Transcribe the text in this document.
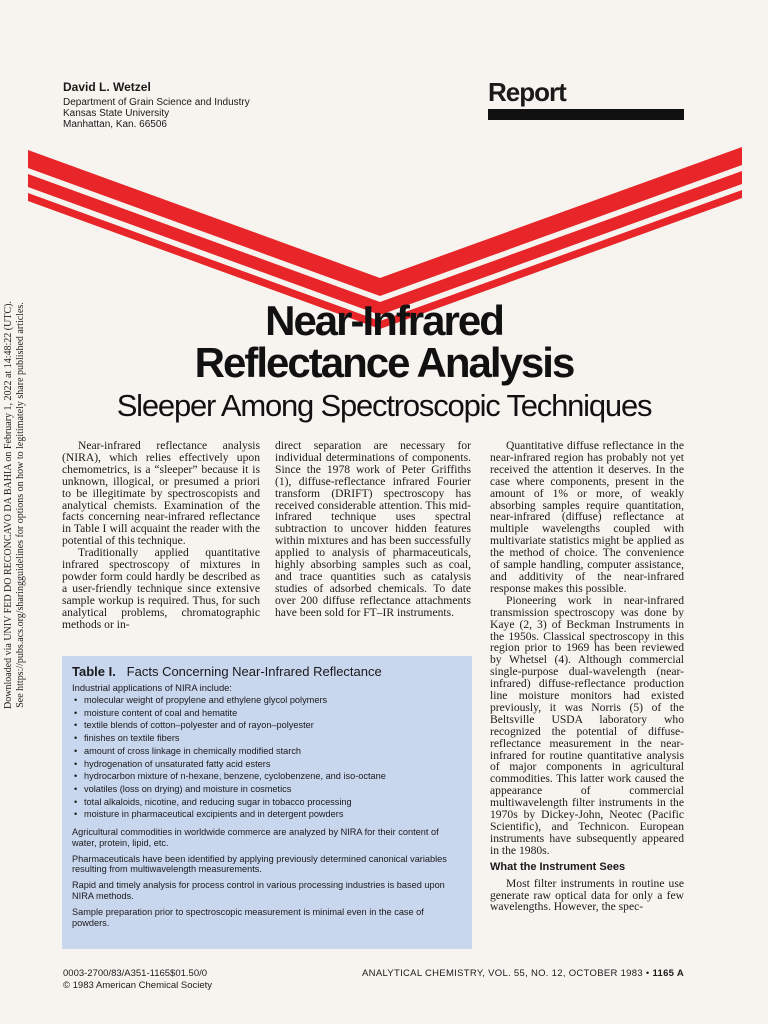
Downloaded via UNIV FED DO RECONCAVO DA BAHIA on February 1, 2022 at 14:48:22 (UTC). See https://pubs.acs.org/sharingguidelines for options on how to legitimately share published articles.
David L. Wetzel
Department of Grain Science and Industry
Kansas State University
Manhattan, Kan. 66506
Report
Near-Infrared
Reflectance Analysis
Sleeper Among Spectroscopic Techniques

Near-infrared reflectance analysis (NIRA), which relies effectively upon chemometrics, is a “sleeper” because it is unknown, illogical, or presumed a priori to be illegitimate by spectroscopists and analytical chemists. Examination of the facts concerning near-infrared reflectance in Table I will acquaint the reader with the potential of this technique.

Traditionally applied quantitative infrared spectroscopy of mixtures in powder form could hardly be described as a user-friendly technique since extensive sample workup is required. Thus, for such analytical problems, chromatographic methods or in-

direct separation are necessary for individual determinations of components. Since the 1978 work of Peter Griffiths (1), diffuse-reflectance infrared Fourier transform (DRIFT) spectroscopy has received considerable attention. This mid-infrared technique uses spectral subtraction to uncover hidden features within mixtures and has been successfully applied to analysis of pharmaceuticals, highly absorbing samples such as coal, and trace quantities such as catalysis studies of adsorbed chemicals. To date over 200 diffuse reflectance attachments have been sold for FT–IR instruments.

Quantitative diffuse reflectance in the near-infrared region has probably not yet received the attention it deserves. In the case where components, present in the amount of 1% or more, of weakly absorbing samples require quantitation, near-infrared (diffuse) reflectance at multiple wavelengths coupled with multivariate statistics might be applied as the method of choice. The convenience of sample handling, computer assistance, and additivity of the near-infrared response makes this possible.

Pioneering work in near-infrared transmission spectroscopy was done by Kaye (2, 3) of Beckman Instruments in the 1950s. Classical spectroscopy in this region prior to 1969 has been reviewed by Whetsel (4). Although commercial single-purpose dual-wavelength (near-infrared) diffuse-reflectance production line moisture monitors had existed previously, it was Norris (5) of the Beltsville USDA laboratory who recognized the potential of diffuse-reflectance measurement in the near-infrared for routine quantitative analysis of major components in agricultural commodities. This latter work caused the appearance of commercial multiwavelength filter instruments in the 1970s by Dickey-John, Neotec (Pacific Scientific), and Technicon. European instruments have subsequently appeared in the 1980s.

What the Instrument Sees

Most filter instruments in routine use generate raw optical data for only a few wavelengths. However, the spec-

Table I. Facts Concerning Near-Infrared Reflectance
Industrial applications of NIRA include:
• molecular weight of propylene and ethylene glycol polymers
• moisture content of coal and hematite
• textile blends of cotton–polyester and of rayon–polyester
• finishes on textile fibers
• amount of cross linkage in chemically modified starch
• hydrogenation of unsaturated fatty acid esters
• hydrocarbon mixture of n-hexane, benzene, cyclobenzene, and iso-octane
• volatiles (loss on drying) and moisture in cosmetics
• total alkaloids, nicotine, and reducing sugar in tobacco processing
• moisture in pharmaceutical excipients and in detergent powders
Agricultural commodities in worldwide commerce are analyzed by NIRA for their content of water, protein, lipid, etc.
Pharmaceuticals have been identified by applying previously determined canonical variables resulting from multiwavelength measurements.
Rapid and timely analysis for process control in various processing industries is based upon NIRA methods.
Sample preparation prior to spectroscopic measurement is minimal even in the case of powders.
0003-2700/83/A351-1165$01.50/0
© 1983 American Chemical Society
ANALYTICAL CHEMISTRY, VOL. 55, NO. 12, OCTOBER 1983 • 1165 A
